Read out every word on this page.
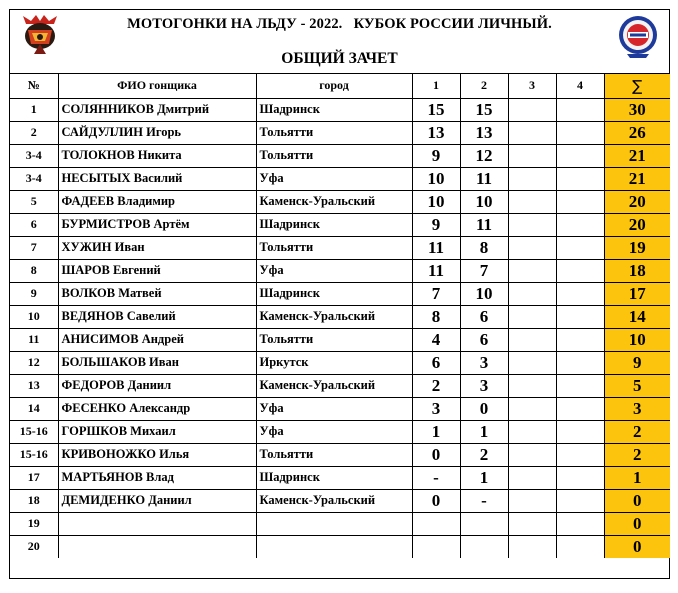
МОТОГОНКИ НА ЛЬДУ - 2022.   КУБОК РОССИИ ЛИЧНЫЙ.
ОБЩИЙ ЗАЧЕТ
№	ФИО гонщика	город	1	2	3	4	∑
1	СОЛЯННИКОВ Дмитрий	Шадринск	15	15			30
2	САЙДУЛЛИН Игорь	Тольятти	13	13			26
3-4	ТОЛОКНОВ Никита	Тольятти	9	12			21
3-4	НЕСЫТЫХ Василий	Уфа	10	11			21
5	ФАДЕЕВ Владимир	Каменск-Уральский	10	10			20
6	БУРМИСТРОВ Артём	Шадринск	9	11			20
7	ХУЖИН Иван	Тольятти	11	8			19
8	ШАРОВ Евгений	Уфа	11	7			18
9	ВОЛКОВ Матвей	Шадринск	7	10			17
10	ВЕДЯНОВ Савелий	Каменск-Уральский	8	6			14
11	АНИСИМОВ Андрей	Тольятти	4	6			10
12	БОЛЬШАКОВ Иван	Иркутск	6	3			9
13	ФЕДОРОВ Даниил	Каменск-Уральский	2	3			5
14	ФЕСЕНКО Александр	Уфа	3	0			3
15-16	ГОРШКОВ Михаил	Уфа	1	1			2
15-16	КРИВОНОЖКО Илья	Тольятти	0	2			2
17	МАРТЬЯНОВ Влад	Шадринск	-	1			1
18	ДЕМИДЕНКО Даниил	Каменск-Уральский	0	-			0
19							0
20							0
